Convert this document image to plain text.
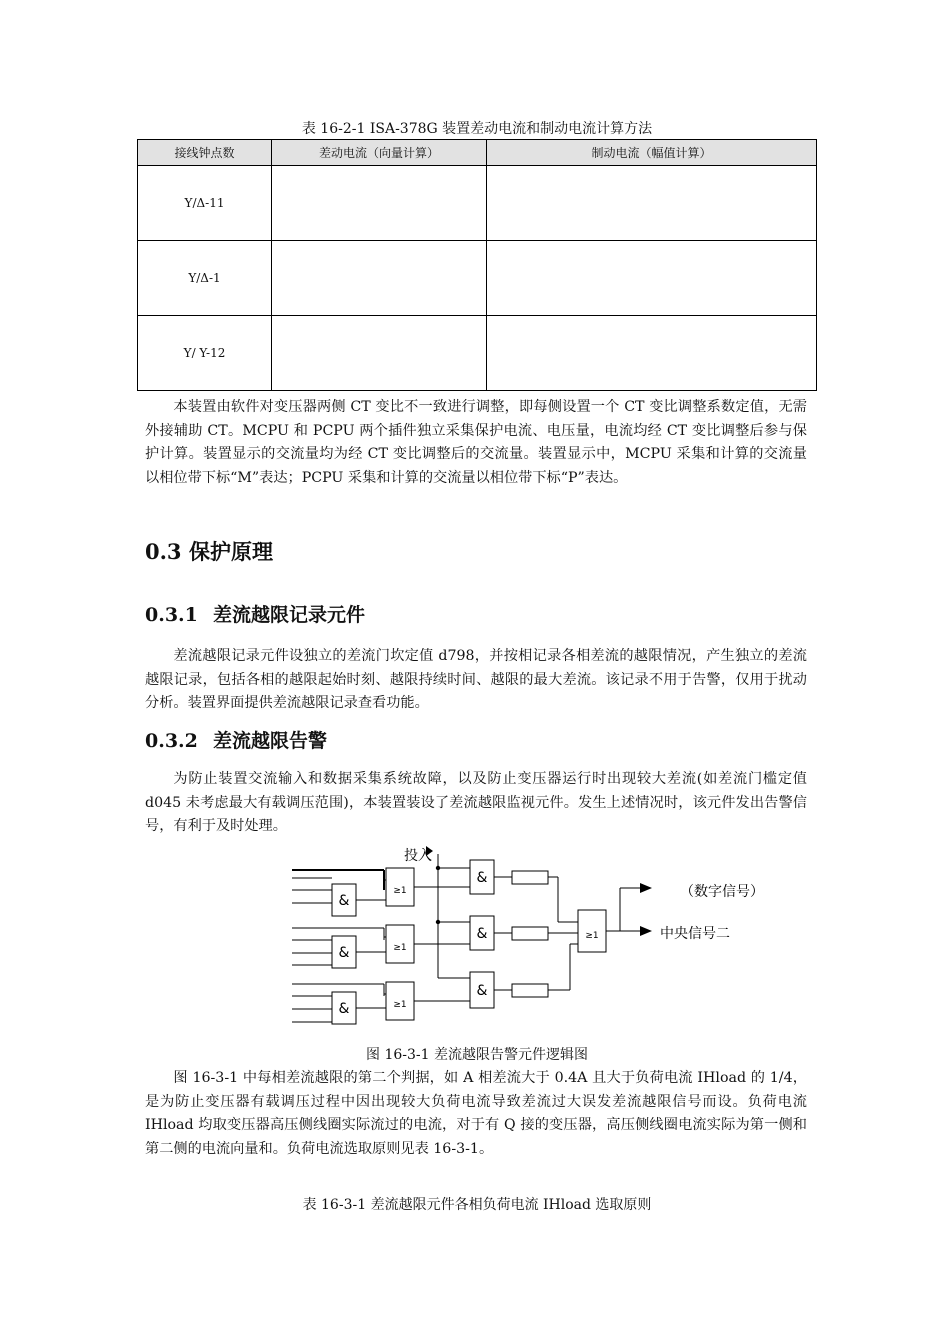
表 16-2-1 ISA-378G 装置差动电流和制动电流计算方法
接线钟点数	差动电流（向量计算）	制动电流（幅值计算）
Y/Δ-11		
Y/Δ-1		
Y/ Y-12		

本装置由软件对变压器两侧 CT 变比不一致进行调整，即每侧设置一个 CT 变比调整系数定值，无需外接辅助 CT。MCPU 和 PCPU 两个插件独立采集保护电流、电压量，电流均经 CT 变比调整后参与保护计算。装置显示的交流量均为经 CT 变比调整后的交流量。装置显示中，MCPU 采集和计算的交流量以相位带下标“M”表达；PCPU 采集和计算的交流量以相位带下标“P”表达。

0.3 保护原理
0.3.1 差流越限记录元件

差流越限记录元件设独立的差流门坎定值 d798，并按相记录各相差流的越限情况，产生独立的差流越限记录，包括各相的越限起始时刻、越限持续时间、越限的最大差流。该记录不用于告警，仅用于扰动分析。装置界面提供差流越限记录查看功能。

0.3.2 差流越限告警

为防止装置交流输入和数据采集系统故障，以及防止变压器运行时出现较大差流(如差流门槛定值 d045 未考虑最大有载调压范围)，本装置装设了差流越限监视元件。发生上述情况时，该元件发出告警信号，有利于及时处理。

投入
&
&
&
≥1
≥1
≥1
&
&
&
≥1
（数字信号）
中央信号二
图 16-3-1 差流越限告警元件逻辑图

图 16-3-1 中每相差流越限的第二个判据，如 A 相差流大于 0.4A 且大于负荷电流 IHload 的 1/4，是为防止变压器有载调压过程中因出现较大负荷电流导致差流过大误发差流越限信号而设。负荷电流 IHload 均取变压器高压侧线圈实际流过的电流，对于有 Q 接的变压器，高压侧线圈电流实际为第一侧和第二侧的电流向量和。负荷电流选取原则见表 16-3-1。

表 16-3-1 差流越限元件各相负荷电流 IHload 选取原则
